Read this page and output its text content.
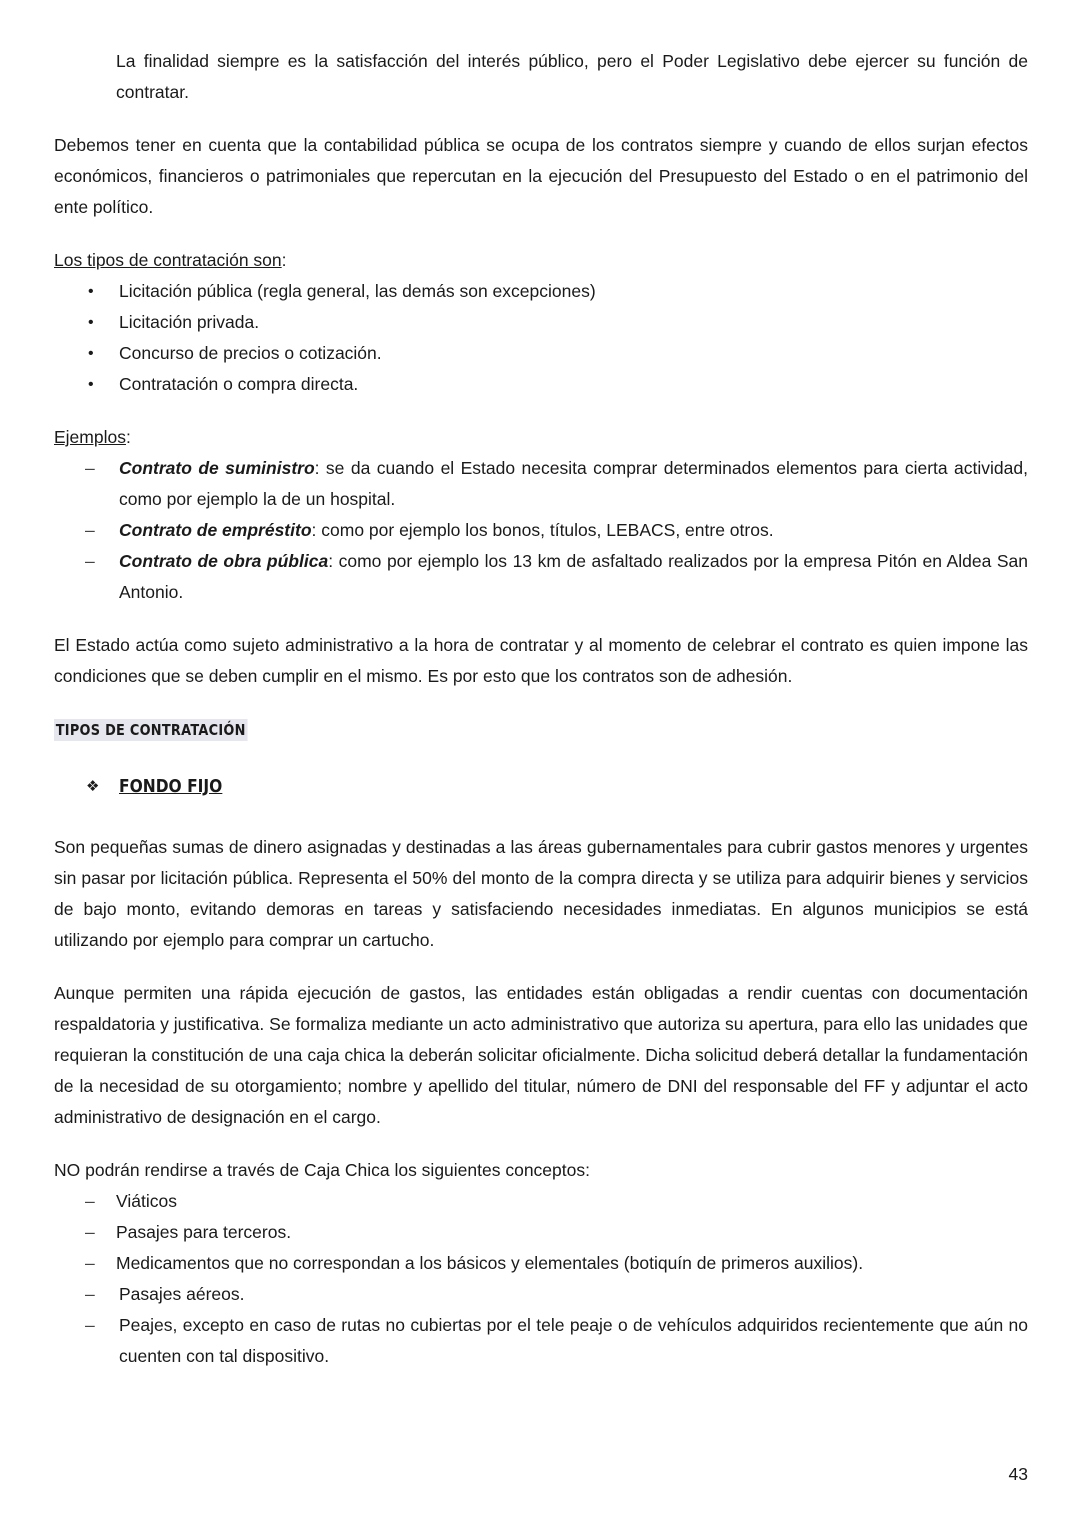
La finalidad siempre es la satisfacción del interés público, pero el Poder Legislativo debe ejercer su función de contratar.

Debemos tener en cuenta que la contabilidad pública se ocupa de los contratos siempre y cuando de ellos surjan efectos económicos, financieros o patrimoniales que repercutan en la ejecución del Presupuesto del Estado o en el patrimonio del ente político.

Los tipos de contratación son:

• Licitación pública (regla general, las demás son excepciones)
• Licitación privada.
• Concurso de precios o cotización.
• Contratación o compra directa.

Ejemplos:

– Contrato de suministro: se da cuando el Estado necesita comprar determinados elementos para cierta actividad, como por ejemplo la de un hospital.
– Contrato de empréstito: como por ejemplo los bonos, títulos, LEBACS, entre otros.
– Contrato de obra pública: como por ejemplo los 13 km de asfaltado realizados por la empresa Pitón en Aldea San Antonio.

El Estado actúa como sujeto administrativo a la hora de contratar y al momento de celebrar el contrato es quien impone las condiciones que se deben cumplir en el mismo. Es por esto que los contratos son de adhesión.

TIPOS DE CONTRATACIÓN
❖ FONDO FIJO

Son pequeñas sumas de dinero asignadas y destinadas a las áreas gubernamentales para cubrir gastos menores y urgentes sin pasar por licitación pública. Representa el 50% del monto de la compra directa y se utiliza para adquirir bienes y servicios de bajo monto, evitando demoras en tareas y satisfaciendo necesidades inmediatas. En algunos municipios se está utilizando por ejemplo para comprar un cartucho.

Aunque permiten una rápida ejecución de gastos, las entidades están obligadas a rendir cuentas con documentación respaldatoria y justificativa. Se formaliza mediante un acto administrativo que autoriza su apertura, para ello las unidades que requieran la constitución de una caja chica la deberán solicitar oficialmente. Dicha solicitud deberá detallar la fundamentación de la necesidad de su otorgamiento; nombre y apellido del titular, número de DNI del responsable del FF y adjuntar el acto administrativo de designación en el cargo.

NO podrán rendirse a través de Caja Chica los siguientes conceptos:

– Viáticos
– Pasajes para terceros.
– Medicamentos que no correspondan a los básicos y elementales (botiquín de primeros auxilios).
– Pasajes aéreos.
– Peajes, excepto en caso de rutas no cubiertas por el tele peaje o de vehículos adquiridos recientemente que aún no cuenten con tal dispositivo.
43
